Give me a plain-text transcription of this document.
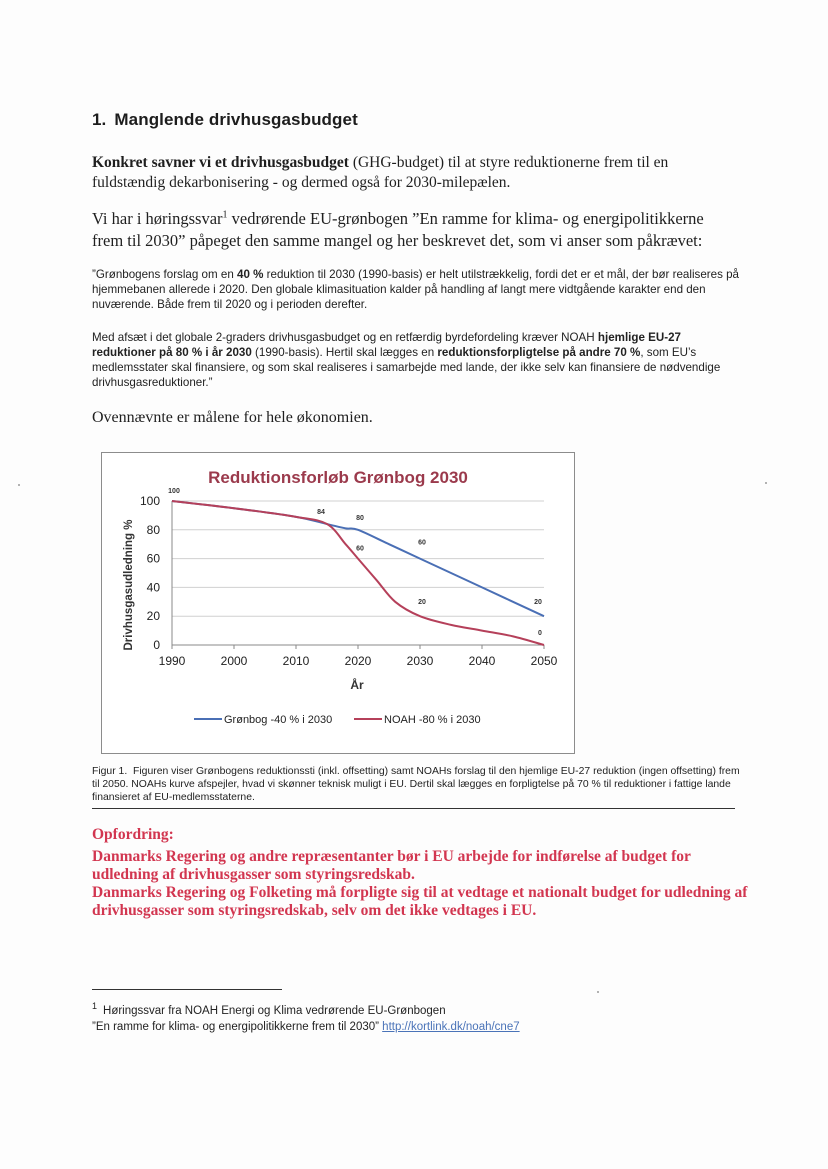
1. Manglende drivhusgasbudget
Konkret savner vi et drivhusgasbudget (GHG-budget) til at styre reduktionerne frem til en fuldstændig dekarbonisering - og dermed også for 2030-milepælen.
Vi har i høringssvar$^1$ vedrørende EU-grønbogen ”En ramme for klima- og energipolitikkerne frem til 2030” påpeget den samme mangel og her beskrevet det, som vi anser som påkrævet:
”Grønbogens forslag om en 40 % reduktion til 2030 (1990-basis) er helt utilstrækkelig, fordi det er et mål, der bør realiseres på hjemmebanen allerede i 2020. Den globale klimasituation kalder på handling af langt mere vidtgående karakter end den nuværende. Både frem til 2020 og i perioden derefter.
Med afsæt i det globale 2-graders drivhusgasbudget og en retfærdig byrdefordeling kræver NOAH hjemlige EU-27 reduktioner på 80 % i år 2030 (1990-basis). Hertil skal lægges en reduktionsforpligtelse på andre 70 %, som EU’s medlemsstater skal finansiere, og som skal realiseres i samarbejde med lande, der ikke selv kan finansiere de nødvendige drivhusgasreduktioner.”
Ovennævnte er målene for hele økonomien.
0
20
40
60
80
100
1990	2000	2010	2020	2030	2040	2050
100
84
80
60
60
20	20
0
Reduktionsforløb Grønbog 2030
Drivhusgasudledning %
År
Grønbog -40 % i 2030	NOAH -80 % i 2030
Figur 1. Figuren viser Grønbogens reduktionssti (inkl. offsetting) samt NOAHs forslag til den hjemlige EU-27 reduktion (ingen offsetting) frem til 2050. NOAHs kurve afspejler, hvad vi skønner teknisk muligt i EU. Dertil skal lægges en forpligtelse på 70 % til reduktioner i fattige lande finansieret af EU-medlemsstaterne.
Opfordring:
Danmarks Regering og andre repræsentanter bør i EU arbejde for indførelse af budget for udledning af drivhusgasser som styringsredskab.
Danmarks Regering og Folketing må forpligte sig til at vedtage et nationalt budget for udledning af drivhusgasser som styringsredskab, selv om det ikke vedtages i EU.
$^1$ Høringssvar fra NOAH Energi og Klima vedrørende EU-Grønbogen
”En ramme for klima- og energipolitikkerne frem til 2030” http://kortlink.dk/noah/cne7
